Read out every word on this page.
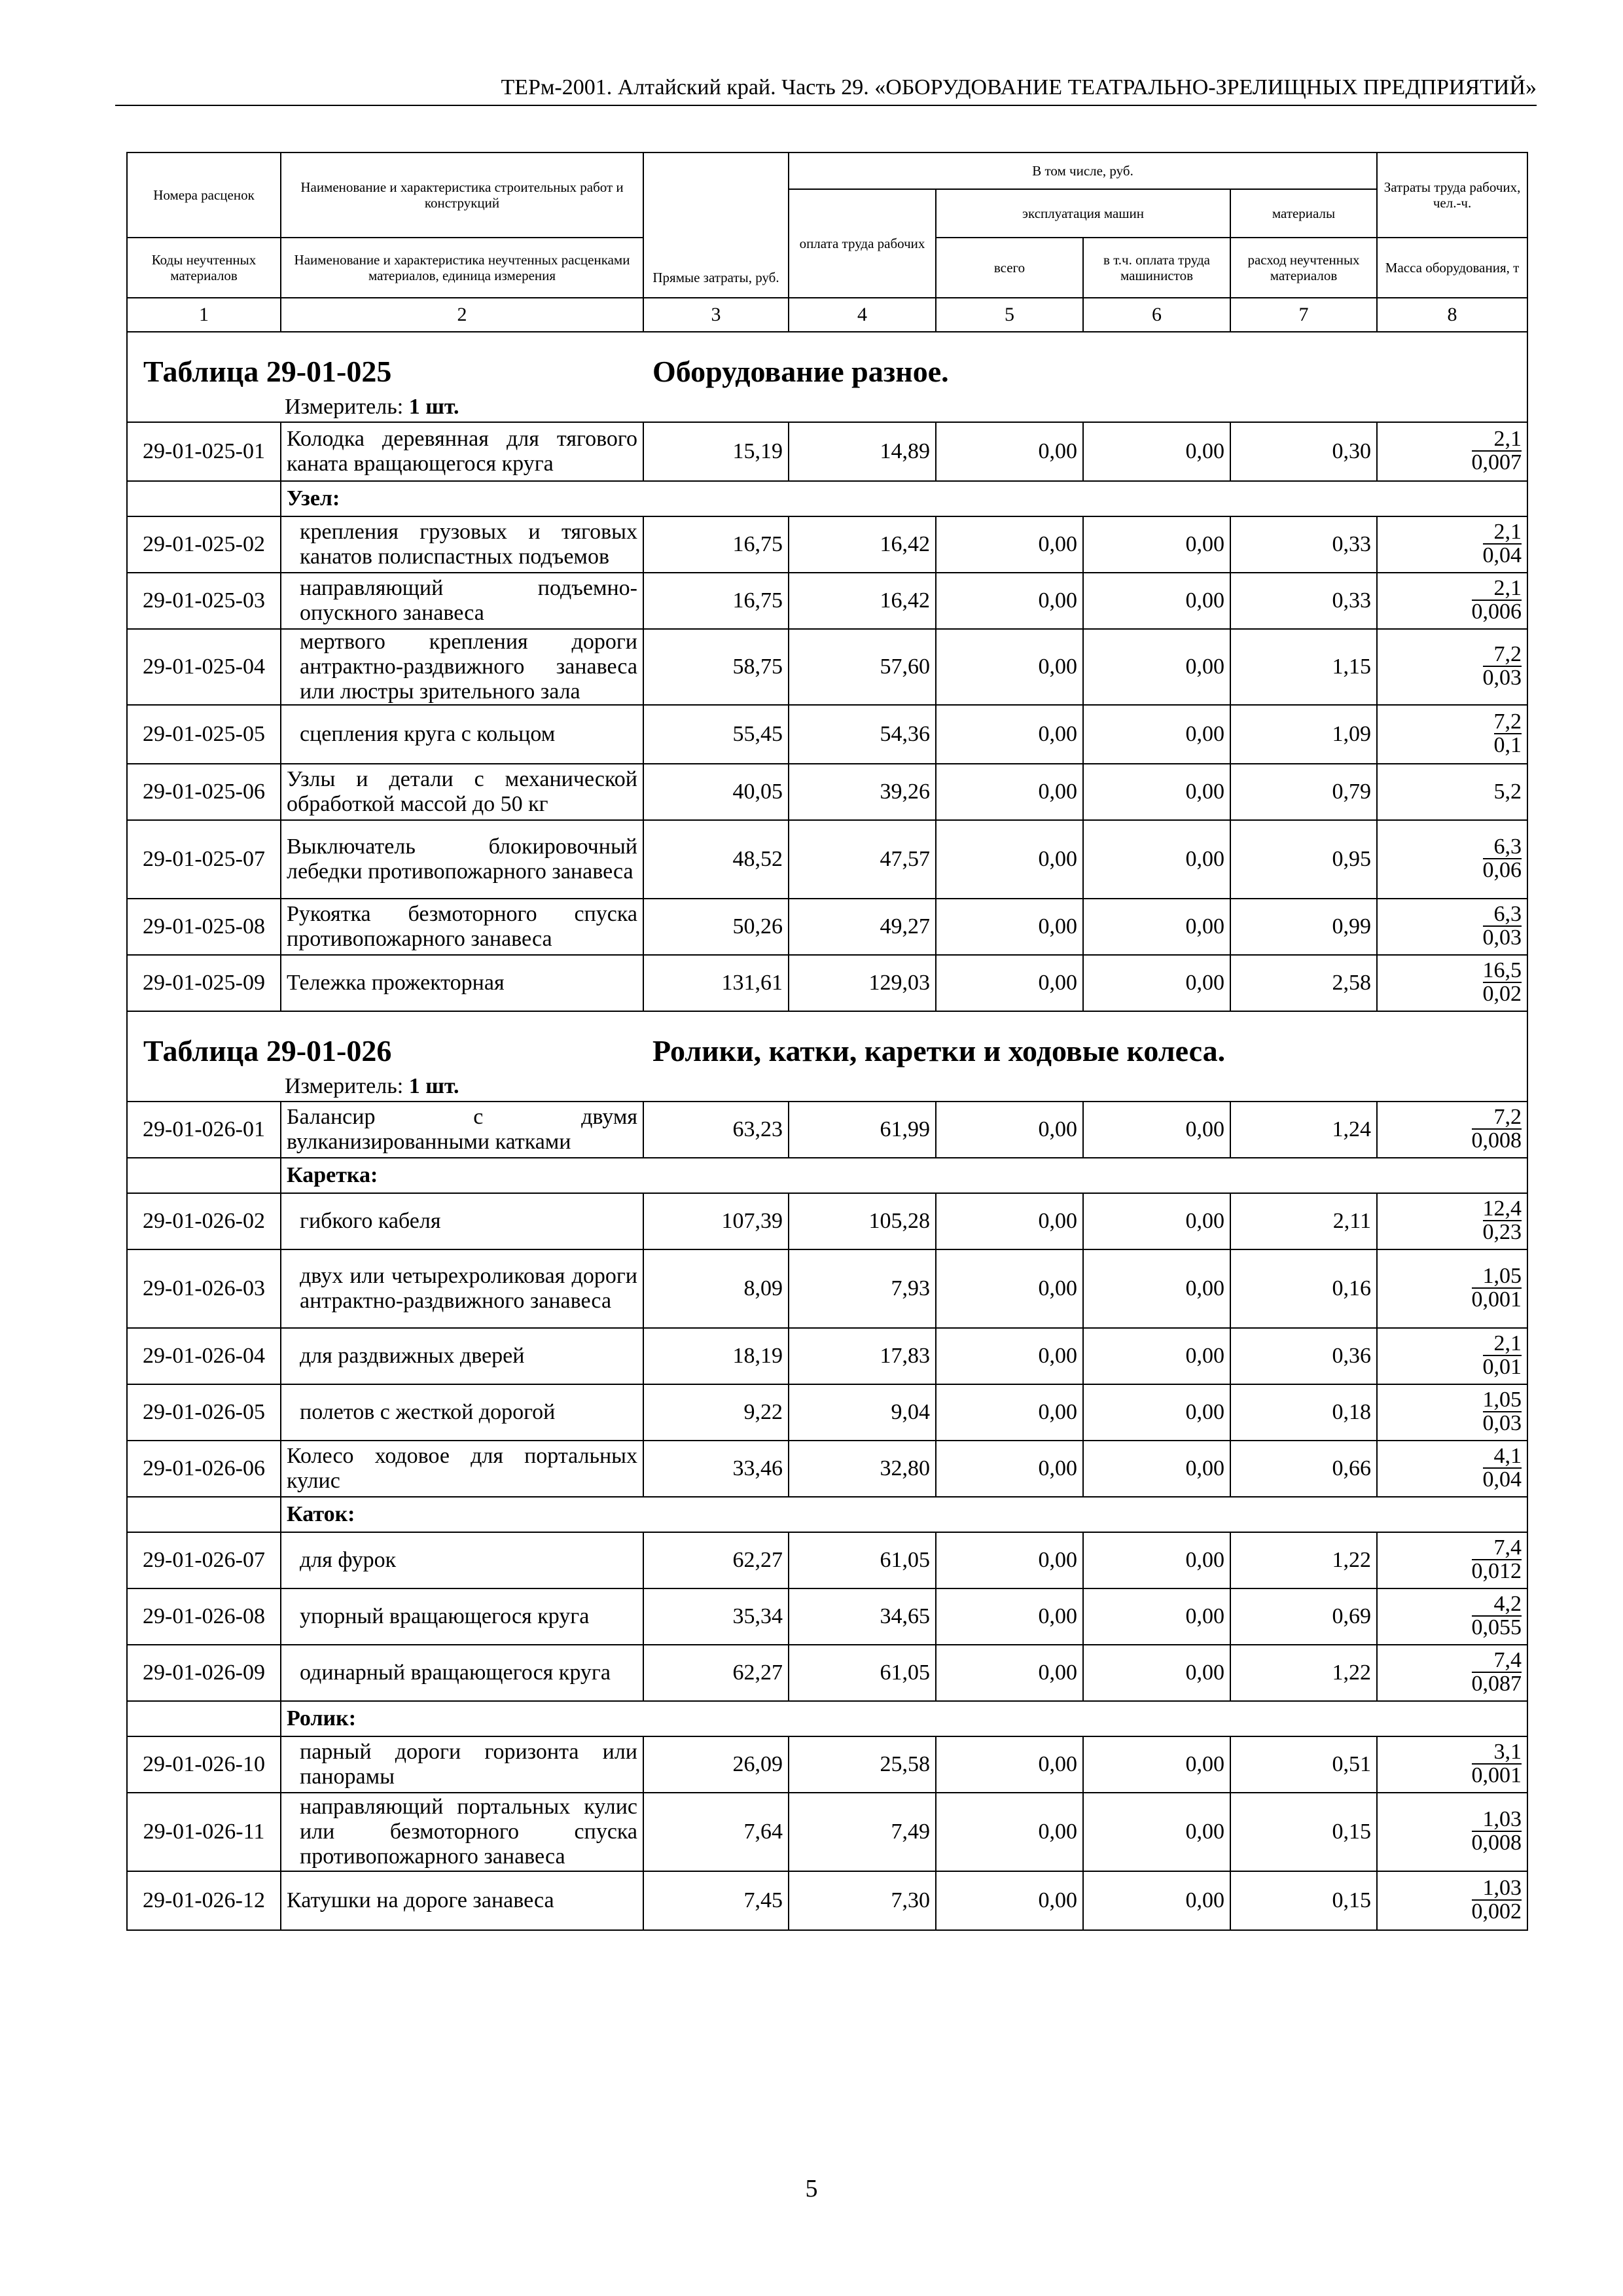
ТЕРм-2001. Алтайский край. Часть 29. «ОБОРУДОВАНИЕ ТЕАТРАЛЬНО-ЗРЕЛИЩНЫХ ПРЕДПРИЯТИЙ»
Номера расценок	Наименование и характеристика строительных работ и конструкций	Прямые затраты, руб.	В том числе, руб.				Затраты труда рабочих, чел.-ч.
			оплата труда рабочих	эксплуатация машин		материалы	
Коды неучтенных материалов	Наименование и характеристика неучтенных расценками материалов, единица измерения			всего	в т.ч. оплата труда машинистов	расход неучтенных материалов	Масса оборудования, т
1	2	3	4	5	6	7	8

Таблица 29-01-025 Оборудование разное.							

Измеритель: 1 шт.							
29-01-025-01	Колодка деревянная для тягового каната вращающегося круга	15,19	14,89	0,00	0,00	0,30	$\frac{2,1}{0,007}$

	Узел:						
29-01-025-02	крепления грузовых и тяговых канатов полиспастных подъемов	16,75	16,42	0,00	0,00	0,33	$\frac{2,1}{0,04}$

29-01-025-03	направляющий подъемно-опускного занавеса	16,75	16,42	0,00	0,00	0,33	$\frac{2,1}{0,006}$

29-01-025-04	мертвого крепления дороги антрактно-раздвижного занавеса или люстры зрительного зала	58,75	57,60	0,00	0,00	1,15	$\frac{7,2}{0,03}$

29-01-025-05	сцепления круга с кольцом	55,45	54,36	0,00	0,00	1,09	$\frac{7,2}{0,1}$

29-01-025-06	Узлы и детали с механической обработкой массой до 50 кг	40,05	39,26	0,00	0,00	0,79	5,2
29-01-025-07	Выключатель блокировочный лебедки противопожарного занавеса	48,52	47,57	0,00	0,00	0,95	$\frac{6,3}{0,06}$

29-01-025-08	Рукоятка безмоторного спуска противопожарного занавеса	50,26	49,27	0,00	0,00	0,99	$\frac{6,3}{0,03}$

29-01-025-09	Тележка прожекторная	131,61	129,03	0,00	0,00	2,58	$\frac{16,5}{0,02}$

Таблица 29-01-026 Ролики, катки, каретки и ходовые колеса.							

Измеритель: 1 шт.							
29-01-026-01	Балансир с двумя вулканизированными катками	63,23	61,99	0,00	0,00	1,24	$\frac{7,2}{0,008}$

	Каретка:						
29-01-026-02	гибкого кабеля	107,39	105,28	0,00	0,00	2,11	$\frac{12,4}{0,23}$

29-01-026-03	двух или четырехроликовая дороги антрактно-раздвижного занавеса	8,09	7,93	0,00	0,00	0,16	$\frac{1,05}{0,001}$

29-01-026-04	для раздвижных дверей	18,19	17,83	0,00	0,00	0,36	$\frac{2,1}{0,01}$

29-01-026-05	полетов с жесткой дорогой	9,22	9,04	0,00	0,00	0,18	$\frac{1,05}{0,03}$

29-01-026-06	Колесо ходовое для портальных кулис	33,46	32,80	0,00	0,00	0,66	$\frac{4,1}{0,04}$

	Каток:						
29-01-026-07	для фурок	62,27	61,05	0,00	0,00	1,22	$\frac{7,4}{0,012}$

29-01-026-08	упорный вращающегося круга	35,34	34,65	0,00	0,00	0,69	$\frac{4,2}{0,055}$

29-01-026-09	одинарный вращающегося круга	62,27	61,05	0,00	0,00	1,22	$\frac{7,4}{0,087}$

	Ролик:						
29-01-026-10	парный дороги горизонта или панорамы	26,09	25,58	0,00	0,00	0,51	$\frac{3,1}{0,001}$

29-01-026-11	направляющий портальных кулис или безмоторного спуска противопожарного занавеса	7,64	7,49	0,00	0,00	0,15	$\frac{1,03}{0,008}$

29-01-026-12	Катушки на дороге занавеса	7,45	7,30	0,00	0,00	0,15	$\frac{1,03}{0,002}$
5
